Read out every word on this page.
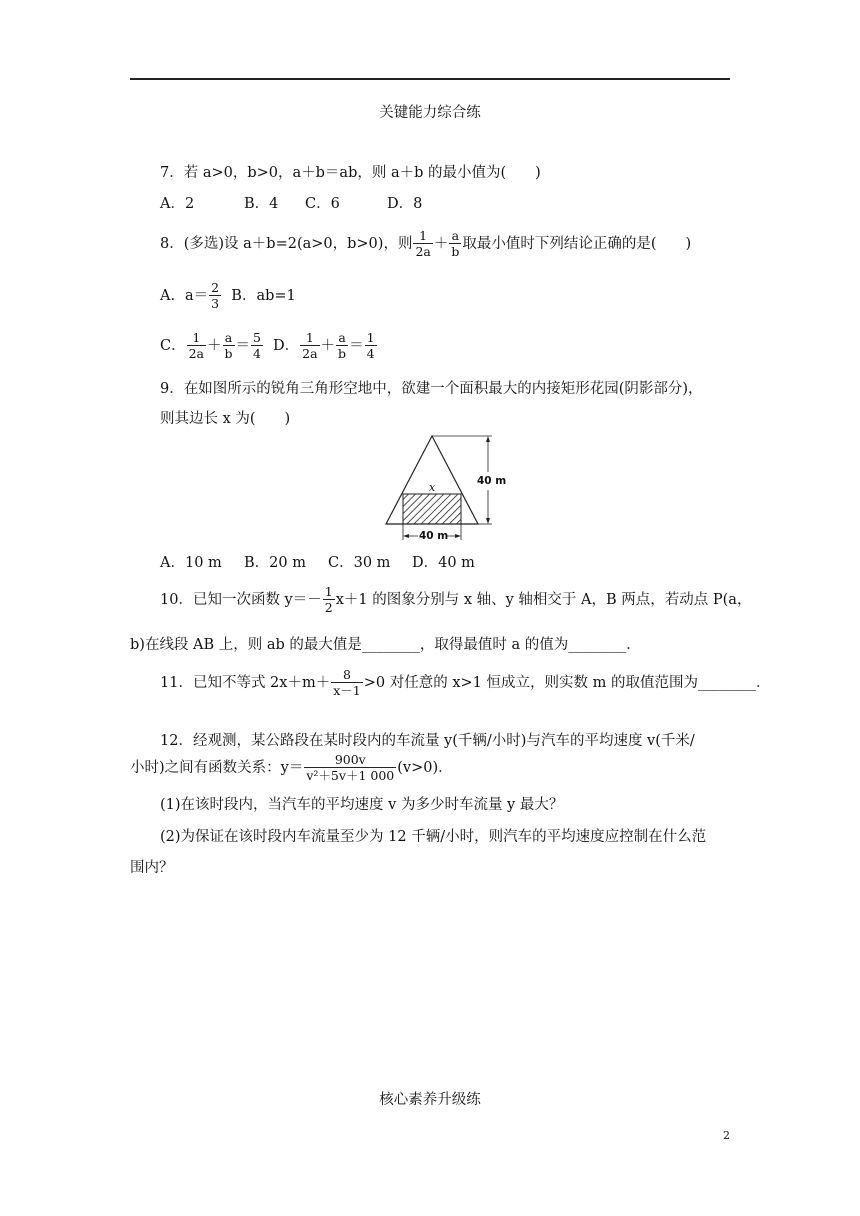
关键能力综合练
7．若 a>0，b>0，a＋b＝ab，则 a＋b 的最小值为(　　)
A．2	B．4 C．6	D．8
8．(多选)设 a＋b=2(a>0，b>0)，则 $\frac{1}{2a} + \frac{a}{b}$ 取最小值时下列结论正确的是(　　)
A．$a= \frac{2}{3}$ B．ab=1
C． $\frac{1}{2a} + \frac{a}{b} = \frac{5}{4}$ D． $\frac{1}{2a} + \frac{a}{b} = \frac{1}{4}$
9．在如图所示的锐角三角形空地中，欲建一个面积最大的内接矩形花园(阴影部分)，
则其边长 x 为(　　)
40 m
40 m
x
A．10 m B．20 m C．30 m D．40 m
10．已知一次函数 $y=- \frac{1}{2} x+1$ 的图象分别与 x 轴、y 轴相交于 A，B 两点，若动点 P(a，
b)在线段 AB 上，则 ab 的最大值是________，取得最值时 a 的值为________．
11．已知不等式 $2x+m+ \frac{8}{x-1} >0$ 对任意的 x>1 恒成立，则实数 m 的取值范围为________．
12．经观测，某公路段在某时段内的车流量 y(千辆/小时)与汽车的平均速度 v(千米/
小时)之间有函数关系：$y= \frac{900v}{\text{v²＋5v＋1 000}} (v>0)$．
(1)在该时段内，当汽车的平均速度 v 为多少时车流量 y 最大？
(2)为保证在该时段内车流量至少为 12 千辆/小时，则汽车的平均速度应控制在什么范
围内？
核心素养升级练
2
